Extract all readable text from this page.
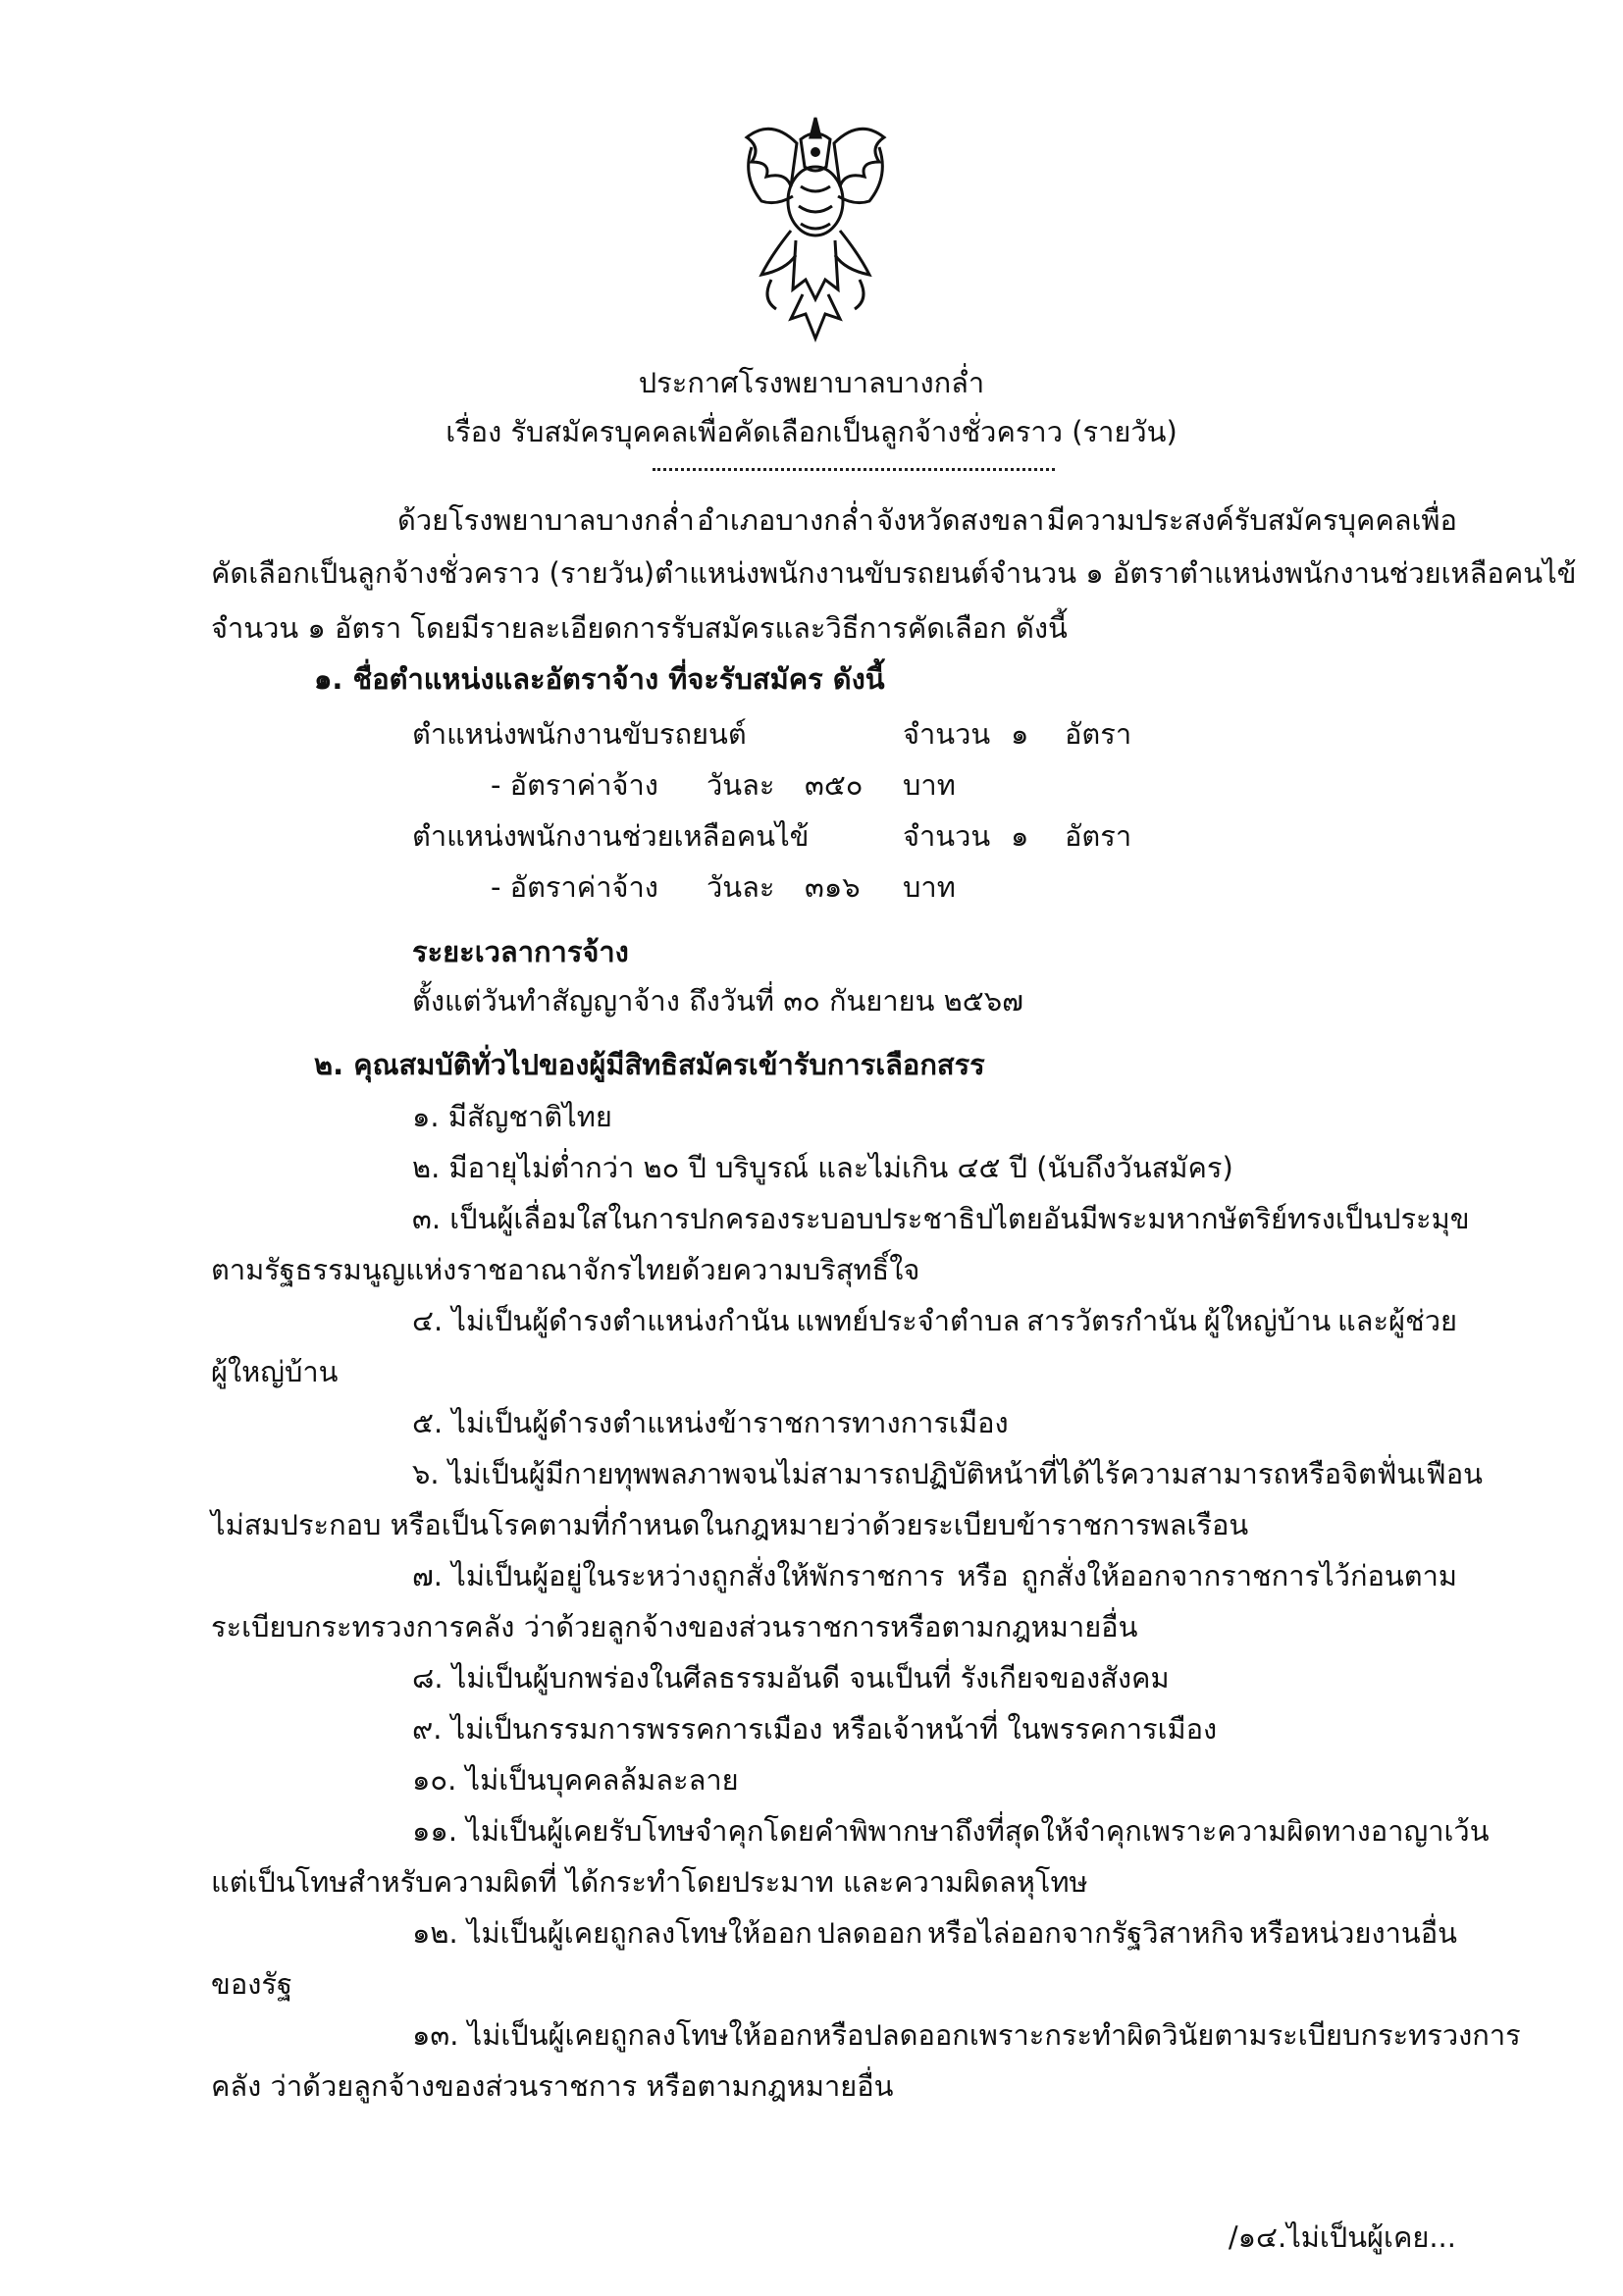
ประกาศโรงพยาบาลบางกล่ำ
เรื่อง รับสมัครบุคคลเพื่อคัดเลือกเป็นลูกจ้างชั่วคราว (รายวัน)
ด้วยโรงพยาบาลบางกล่ำ อำเภอบางกล่ำ จังหวัดสงขลา มีความประสงค์รับสมัครบุคคลเพื่อ
คัดเลือกเป็นลูกจ้างชั่วคราว (รายวัน) ตำแหน่งพนักงานขับรถยนต์ จำนวน ๑ อัตรา ตำแหน่งพนักงานช่วยเหลือคนไข้
จำนวน ๑ อัตรา โดยมีรายละเอียดการรับสมัครและวิธีการคัดเลือก ดังนี้
๑. ชื่อตำแหน่งและอัตราจ้าง ที่จะรับสมัคร ดังนี้
ตำแหน่งพนักงานขับรถยนต์	จำนวน ๑ อัตรา
- อัตราค่าจ้าง วันละ ๓๕๐ บาท
ตำแหน่งพนักงานช่วยเหลือคนไข้	จำนวน ๑ อัตรา
- อัตราค่าจ้าง วันละ ๓๑๖ บาท
ระยะเวลาการจ้าง
ตั้งแต่วันทำสัญญาจ้าง ถึงวันที่ ๓๐ กันยายน ๒๕๖๗
๒. คุณสมบัติทั่วไปของผู้มีสิทธิสมัครเข้ารับการเลือกสรร
๑. มีสัญชาติไทย
๒. มีอายุไม่ต่ำกว่า ๒๐ ปี บริบูรณ์ และไม่เกิน ๔๕ ปี (นับถึงวันสมัคร)
๓. เป็นผู้เลื่อมใสในการปกครองระบอบประชาธิปไตยอันมีพระมหากษัตริย์ทรงเป็นประมุข
ตามรัฐธรรมนูญแห่งราชอาณาจักรไทยด้วยความบริสุทธิ์ใจ
๔. ไม่เป็นผู้ดำรงตำแหน่งกำนัน แพทย์ประจำตำบล สารวัตรกำนัน ผู้ใหญ่บ้าน และผู้ช่วย
ผู้ใหญ่บ้าน
๕. ไม่เป็นผู้ดำรงตำแหน่งข้าราชการทางการเมือง
๖. ไม่เป็นผู้มีกายทุพพลภาพ จนไม่สามารถปฏิบัติหน้าที่ได้ ไร้ความสามารถ หรือจิตฟั่นเฟือน
ไม่สมประกอบ หรือเป็นโรคตามที่กำหนดในกฎหมายว่าด้วยระเบียบข้าราชการพลเรือน
๗. ไม่เป็นผู้อยู่ในระหว่างถูกสั่งให้พักราชการ หรือ ถูกสั่งให้ออกจากราชการไว้ก่อนตาม
ระเบียบกระทรวงการคลัง ว่าด้วยลูกจ้างของส่วนราชการหรือตามกฎหมายอื่น
๘. ไม่เป็นผู้บกพร่องในศีลธรรมอันดี จนเป็นที่ รังเกียจของสังคม
๙. ไม่เป็นกรรมการพรรคการเมือง หรือเจ้าหน้าที่ ในพรรคการเมือง
๑๐. ไม่เป็นบุคคลล้มละลาย
๑๑. ไม่เป็นผู้เคยรับโทษจำคุกโดยคำพิพากษาถึงที่สุด ให้จำคุกเพราะความผิดทางอาญาเว้น
แต่เป็นโทษสำหรับความผิดที่ ได้กระทำโดยประมาท และความผิดลหุโทษ
๑๒. ไม่เป็นผู้เคยถูกลงโทษให้ออก ปลดออก หรือไล่ออกจากรัฐวิสาหกิจ หรือหน่วยงานอื่น
ของรัฐ
๑๓. ไม่เป็นผู้เคยถูกลงโทษให้ออกหรือปลดออกเพราะกระทำผิดวินัยตามระเบียบกระทรวงการ
คลัง ว่าด้วยลูกจ้างของส่วนราชการ หรือตามกฎหมายอื่น
/๑๔.ไม่เป็นผู้เคย...
